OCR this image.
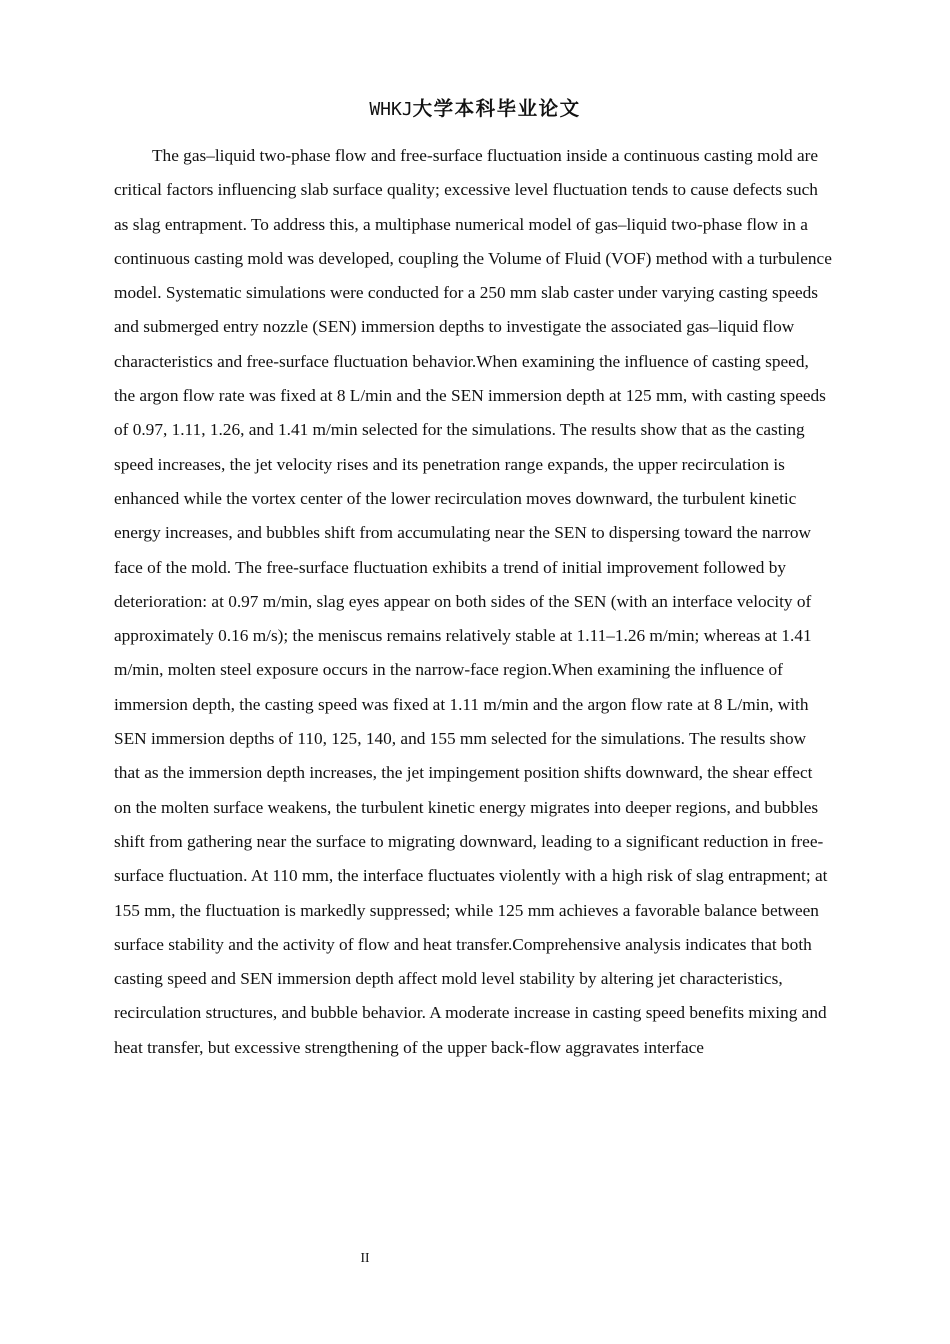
WHKJ大学本科毕业论文

The gas–liquid two-phase flow and free-surface fluctuation inside a continuous casting mold are critical factors influencing slab surface quality; excessive level fluctuation tends to cause defects such as slag entrapment. To address this, a multiphase numerical model of gas–liquid two-phase flow in a continuous casting mold was developed, coupling the Volume of Fluid (VOF) method with a turbulence model. Systematic simulations were conducted for a 250 mm slab caster under varying casting speeds and submerged entry nozzle (SEN) immersion depths to investigate the associated gas–liquid flow characteristics and free-surface fluctuation behavior.When examining the influence of casting speed, the argon flow rate was fixed at 8 L/min and the SEN immersion depth at 125 mm, with casting speeds of 0.97, 1.11, 1.26, and 1.41 m/min selected for the simulations. The results show that as the casting speed increases, the jet velocity rises and its penetration range expands, the upper recirculation is enhanced while the vortex center of the lower recirculation moves downward, the turbulent kinetic energy increases, and bubbles shift from accumulating near the SEN to dispersing toward the narrow face of the mold. The free-surface fluctuation exhibits a trend of initial improvement followed by deterioration: at 0.97 m/min, slag eyes appear on both sides of the SEN (with an interface velocity of approximately 0.16 m/s); the meniscus remains relatively stable at 1.11–1.26 m/min; whereas at 1.41 m/min, molten steel exposure occurs in the narrow-face region.When examining the influence of immersion depth, the casting speed was fixed at 1.11 m/min and the argon flow rate at 8 L/min, with SEN immersion depths of 110, 125, 140, and 155 mm selected for the simulations. The results show that as the immersion depth increases, the jet impingement position shifts downward, the shear effect on the molten surface weakens, the turbulent kinetic energy migrates into deeper regions, and bubbles shift from gathering near the surface to migrating downward, leading to a significant reduction in free-surface fluctuation. At 110 mm, the interface fluctuates violently with a high risk of slag entrapment; at 155 mm, the fluctuation is markedly suppressed; while 125 mm achieves a favorable balance between surface stability and the activity of flow and heat transfer.Comprehensive analysis indicates that both casting speed and SEN immersion depth affect mold level stability by altering jet characteristics, recirculation structures, and bubble behavior. A moderate increase in casting speed benefits mixing and heat transfer, but excessive strengthening of the upper back-flow aggravates interface

II
